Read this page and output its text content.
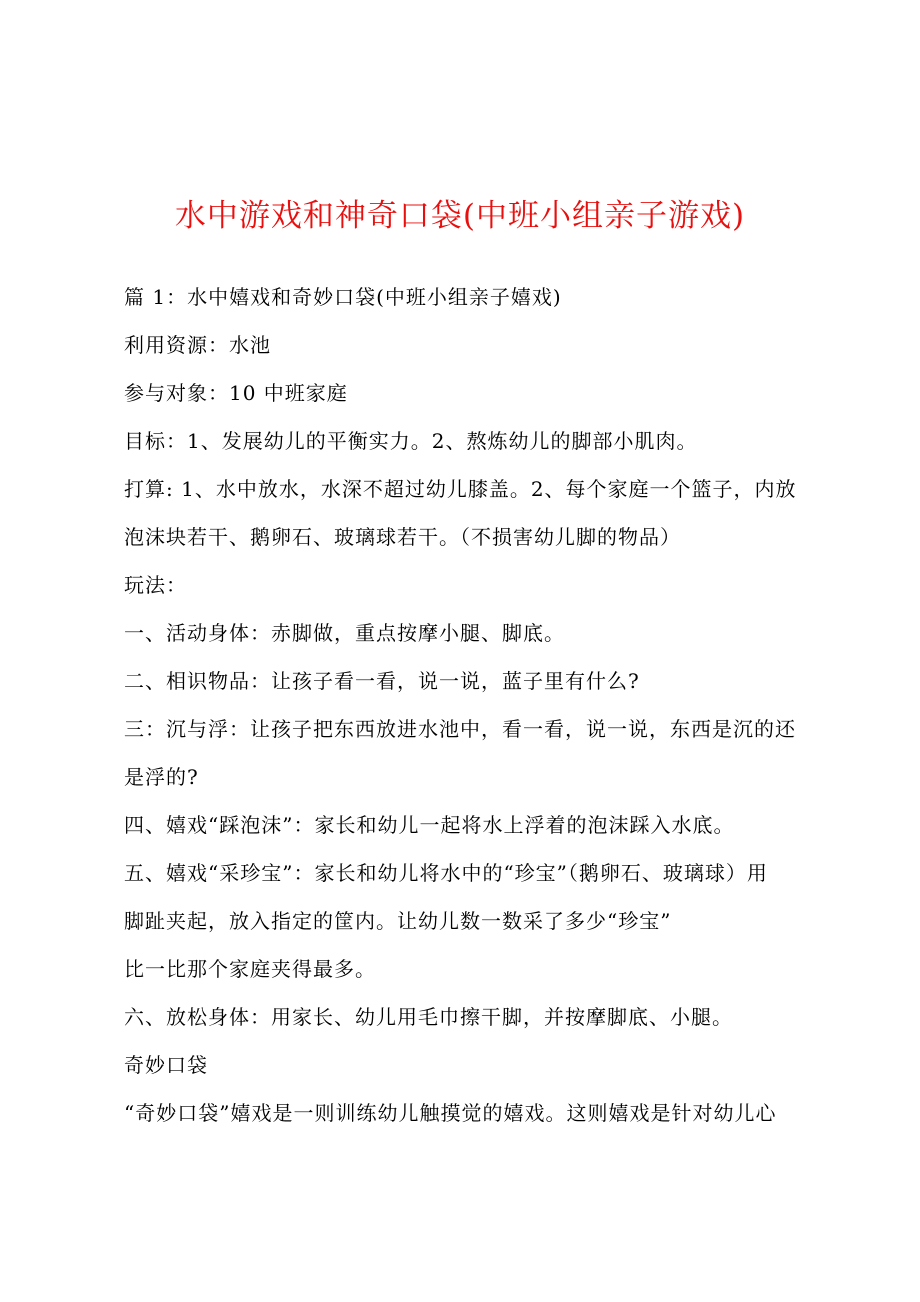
水中游戏和神奇口袋(中班小组亲子游戏)
篇 1：水中嬉戏和奇妙口袋(中班小组亲子嬉戏)
利用资源：水池
参与对象：10 中班家庭
目标：1、发展幼儿的平衡实力。2、熬炼幼儿的脚部小肌肉。
打算: 1、水中放水，水深不超过幼儿膝盖。2、每个家庭一个篮子，内放
泡沫块若干、鹅卵石、玻璃球若干。（不损害幼儿脚的物品）
玩法：
一、活动身体：赤脚做，重点按摩小腿、脚底。
二、相识物品：让孩子看一看，说一说，蓝子里有什么?
三：沉与浮：让孩子把东西放进水池中，看一看，说一说，东西是沉的还
是浮的?
四、嬉戏“踩泡沫”：家长和幼儿一起将水上浮着的泡沫踩入水底。
五、嬉戏“采珍宝”：家长和幼儿将水中的“珍宝”（鹅卵石、玻璃球）用
脚趾夹起，放入指定的筐内。让幼儿数一数采了多少“珍宝”
比一比那个家庭夹得最多。
六、放松身体：用家长、幼儿用毛巾擦干脚，并按摩脚底、小腿。
奇妙口袋
“奇妙口袋”嬉戏是一则训练幼儿触摸觉的嬉戏。这则嬉戏是针对幼儿心
